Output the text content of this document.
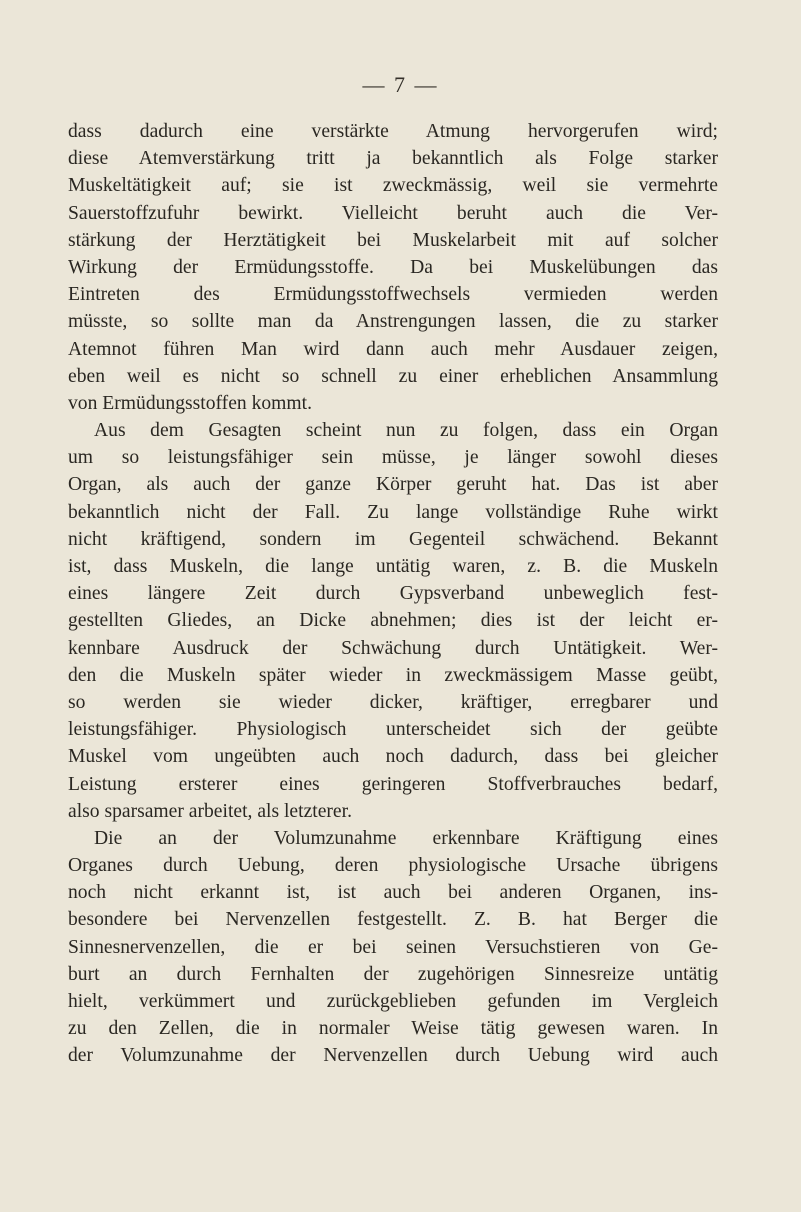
— 7 —
dass dadurch eine verstärkte Atmung hervorgerufen wird;
diese Atemverstärkung tritt ja bekanntlich als Folge starker
Muskeltätigkeit auf; sie ist zweckmässig, weil sie vermehrte
Sauerstoffzufuhr bewirkt. Vielleicht beruht auch die Ver-
stärkung der Herztätigkeit bei Muskelarbeit mit auf solcher
Wirkung der Ermüdungsstoffe. Da bei Muskelübungen das
Eintreten des Ermüdungsstoffwechsels vermieden werden
müsste, so sollte man da Anstrengungen lassen, die zu starker
Atemnot führen Man wird dann auch mehr Ausdauer zeigen,
eben weil es nicht so schnell zu einer erheblichen Ansammlung
von Ermüdungsstoffen kommt.
Aus dem Gesagten scheint nun zu folgen, dass ein Organ
um so leistungsfähiger sein müsse, je länger sowohl dieses
Organ, als auch der ganze Körper geruht hat. Das ist aber
bekanntlich nicht der Fall. Zu lange vollständige Ruhe wirkt
nicht kräftigend, sondern im Gegenteil schwächend. Bekannt
ist, dass Muskeln, die lange untätig waren, z. B. die Muskeln
eines längere Zeit durch Gypsverband unbeweglich fest-
gestellten Gliedes, an Dicke abnehmen; dies ist der leicht er-
kennbare Ausdruck der Schwächung durch Untätigkeit. Wer-
den die Muskeln später wieder in zweckmässigem Masse geübt,
so werden sie wieder dicker, kräftiger, erregbarer und
leistungsfähiger. Physiologisch unterscheidet sich der geübte
Muskel vom ungeübten auch noch dadurch, dass bei gleicher
Leistung ersterer eines geringeren Stoffverbrauches bedarf,
also sparsamer arbeitet, als letzterer.
Die an der Volumzunahme erkennbare Kräftigung eines
Organes durch Uebung, deren physiologische Ursache übrigens
noch nicht erkannt ist, ist auch bei anderen Organen, ins-
besondere bei Nervenzellen festgestellt. Z. B. hat Berger die
Sinnesnervenzellen, die er bei seinen Versuchstieren von Ge-
burt an durch Fernhalten der zugehörigen Sinnesreize untätig
hielt, verkümmert und zurückgeblieben gefunden im Vergleich
zu den Zellen, die in normaler Weise tätig gewesen waren. In
der Volumzunahme der Nervenzellen durch Uebung wird auch
